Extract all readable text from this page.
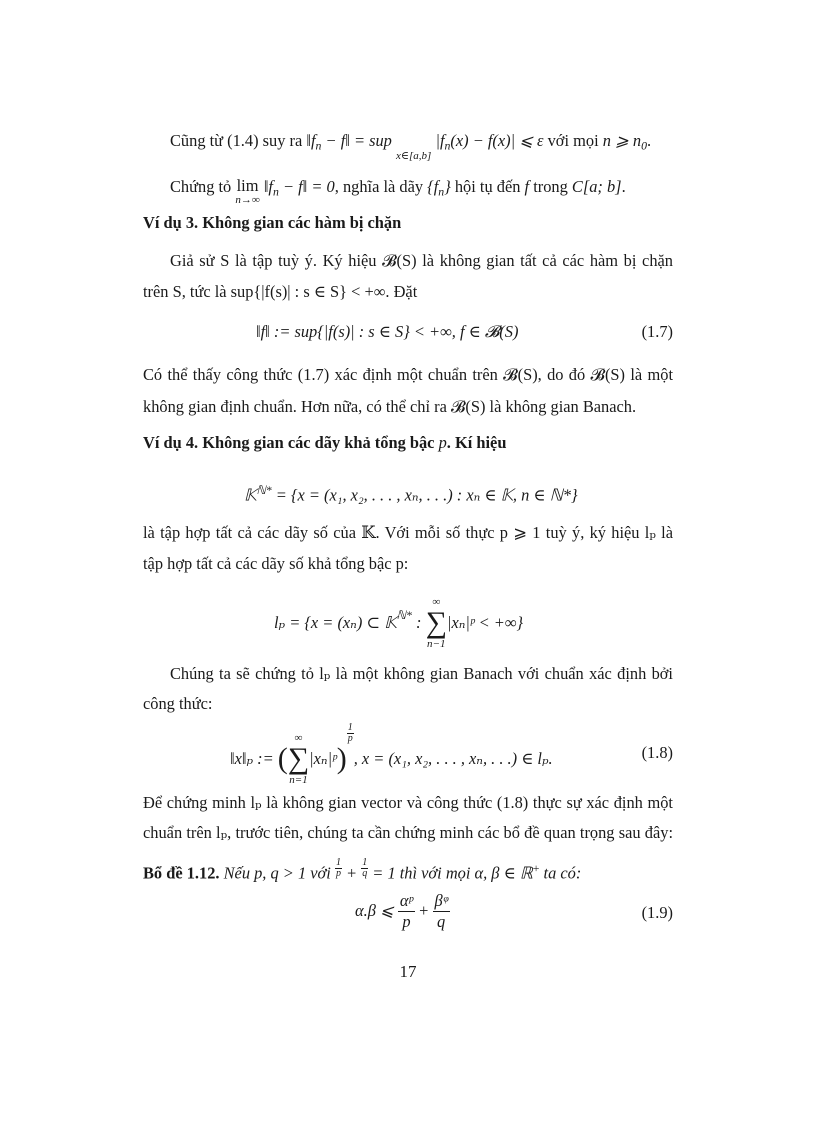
Cũng từ (1.4) suy ra $‖f_n$ − f‖ = sup
x∈[a,b]
$|f_n(x) - f(x)|$ ⩽ ε với mọi n ⩾ $n_0$.
Chứng tỏ lim
n→∞
$‖f_n$ − f‖ = 0, nghĩa là dãy $\{f_n\}$ hội tụ đến f trong C[a; b].
Ví dụ 3. Không gian các hàm bị chặn
Giả sử S là tập tuỳ ý. Ký hiệu 𝓑(S) là không gian tất cả các hàm bị chặn
trên S, tức là sup{|f(s)| : s ∈ S} < +∞. Đặt
‖f‖ := sup{|f(s)| : s ∈ S} < +∞, f ∈ 𝓑(S)	(1.7)
Có thể thấy công thức (1.7) xác định một chuẩn trên 𝓑(S), do đó 𝓑(S) là một
không gian định chuẩn. Hơn nữa, có thể chỉ ra 𝓑(S) là không gian Banach.
Ví dụ 4. Không gian các dãy khả tổng bậc p. Kí hiệu
𝕂$^{ℕ*}$ = {x = (x₁, x₂, . . . , xₙ, . . .) : xₙ ∈ 𝕂, n ∈ ℕ*}
là tập hợp tất cả các dãy số của 𝕂. Với mỗi số thực p ⩾ 1 tuỳ ý, ký hiệu lₚ là
tập hợp tất cả các dãy số khả tổng bậc p:
lₚ = {x = (xₙ) ⊂ 𝕂$^{ℕ*}$ :
∞
∑
n−1
|xₙ|ᵖ < +∞}
Chúng ta sẽ chứng tỏ lₚ là một không gian Banach với chuẩn xác định bởi
công thức:
‖x‖ₚ := (
∞
∑
n=1
|xₙ|ᵖ)
$\frac{1}{p}$, x = (x₁, x₂, . . . , xₙ, . . .) ∈ lₚ.	(1.8)
Để chứng minh lₚ là không gian vector và công thức (1.8) thực sự xác định một
chuẩn trên lₚ, trước tiên, chúng ta cần chứng minh các bổ đề quan trọng sau đây:
Bổ đề 1.12. Nếu p, q > 1 với $\frac{1}{p} + \frac{1}{q} = 1$ thì với mọi α, β ∈ ℝ+ ta có:
α.β ⩽ $\frac{\text{αᵖ}}{p} + \frac{\text{βᵠ}}{q}$	(1.9)
17
